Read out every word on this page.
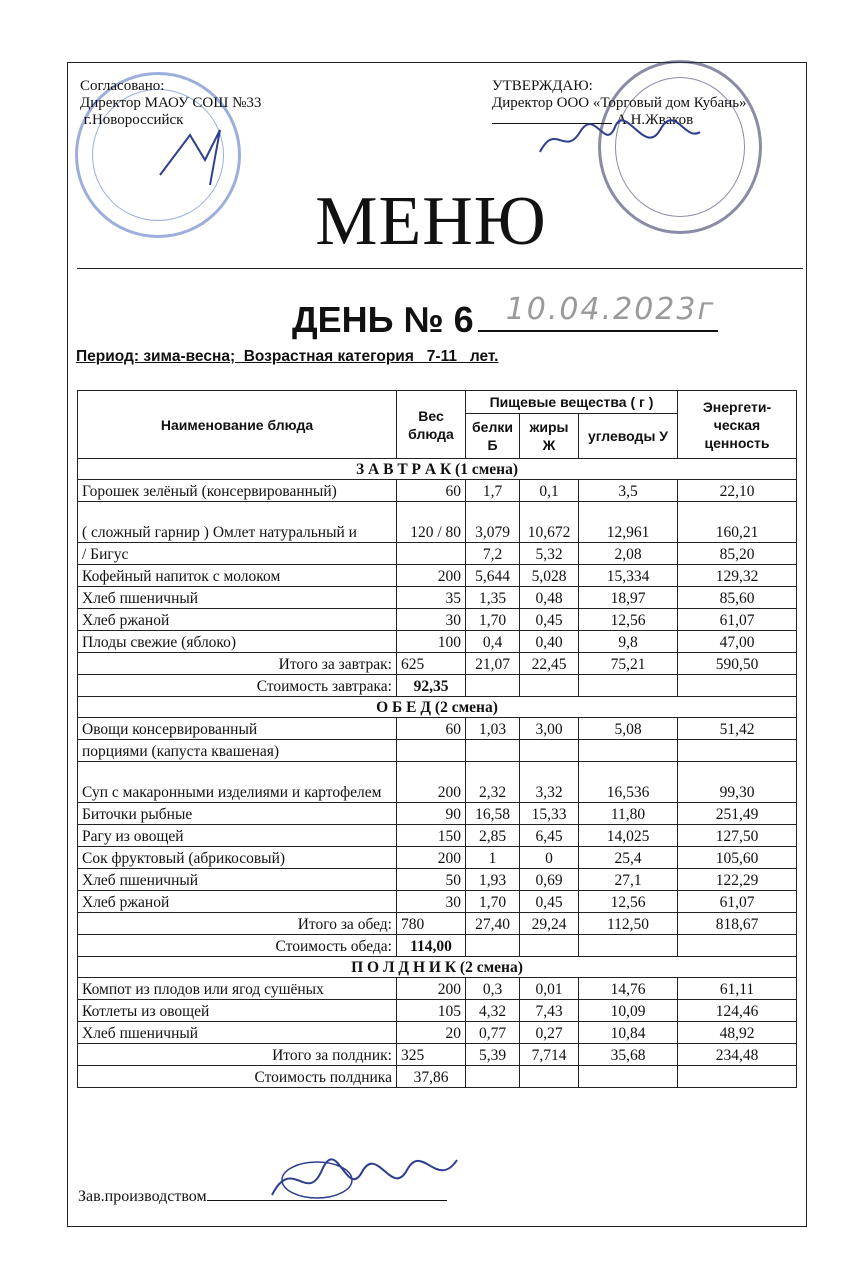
Согласовано:
Директор МАОУ СОШ №33
г.Новороссийск
УТВЕРЖДАЮ:
Директор ООО «Торговый дом Кубань»
А.Н.Жваков
МЕНЮ
ДЕНЬ № 6 10.04.2023г
Период: зима-весна;  Возрастная категория   7-11   лет.
Наименование блюда	Вес блюда	Пищевые вещества ( г )			Энергети-ческая ценность
		белки Б	жиры Ж	углеводы У	
З А В Т Р А К (1 смена)					
Горошек зелёный (консервированный)	60	1,7	0,1	3,5	22,10
( сложный гарнир ) Омлет натуральный и	120 / 80	3,079	10,672	12,961	160,21
/ Бигус		7,2	5,32	2,08	85,20
Кофейный напиток с молоком	200	5,644	5,028	15,334	129,32
Хлеб пшеничный	35	1,35	0,48	18,97	85,60
Хлеб ржаной	30	1,70	0,45	12,56	61,07
Плоды свежие (яблоко)	100	0,4	0,40	9,8	47,00
Итого за завтрак:	625	21,07	22,45	75,21	590,50
Стоимость завтрака:	92,35				
О Б Е Д (2 смена)					
Овощи консервированный	60	1,03	3,00	5,08	51,42
порциями (капуста квашеная)					
Суп с макаронными изделиями и картофелем	200	2,32	3,32	16,536	99,30
Биточки рыбные	90	16,58	15,33	11,80	251,49
Рагу из овощей	150	2,85	6,45	14,025	127,50
Сок фруктовый (абрикосовый)	200	1	0	25,4	105,60
Хлеб пшеничный	50	1,93	0,69	27,1	122,29
Хлеб ржаной	30	1,70	0,45	12,56	61,07
Итого за обед:	780	27,40	29,24	112,50	818,67
Стоимость обеда:	114,00				
П О Л Д Н И К (2 смена)					
Компот из плодов или ягод сушёных	200	0,3	0,01	14,76	61,11
Котлеты из овощей	105	4,32	7,43	10,09	124,46
Хлеб пшеничный	20	0,77	0,27	10,84	48,92
Итого за полдник:	325	5,39	7,714	35,68	234,48
Стоимость полдника	37,86				
Зав.производством
